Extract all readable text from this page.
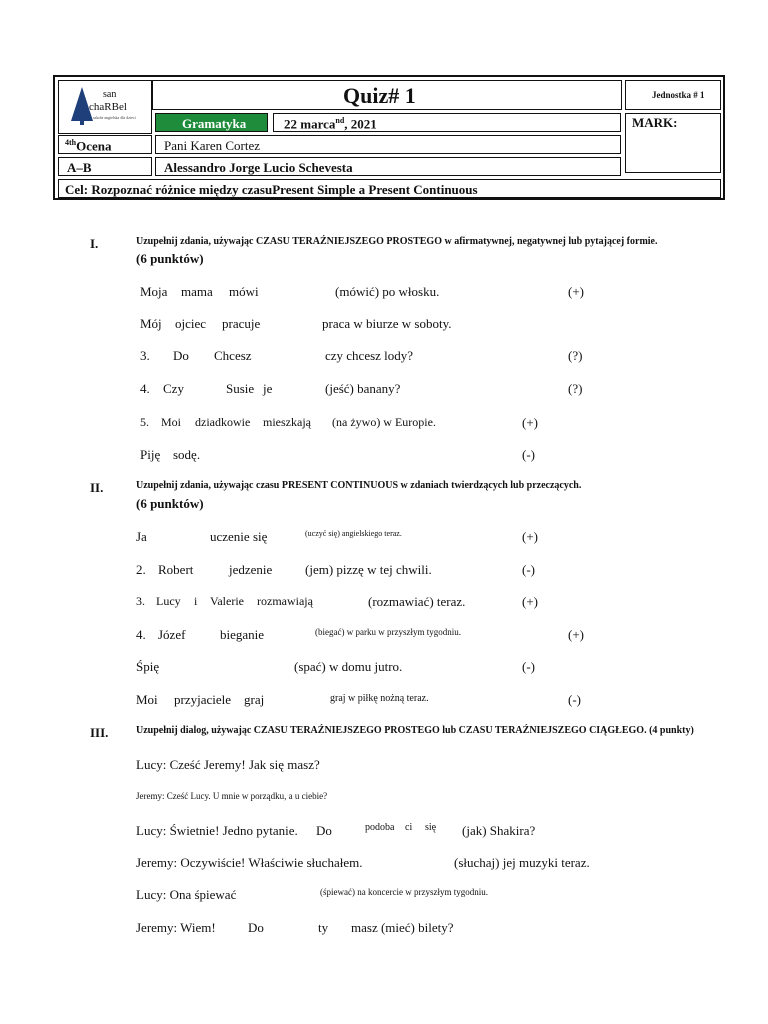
san
chaRBel
szkoła angielska dla dzieci
Quiz# 1	Jednostka # 1
Gramatyka	22 marca$^{nd}$, 2021	MARK:
$^{4th}$Ocena	Pani Karen Cortez
A–B	Alessandro Jorge Lucio Schevesta
Cel: Rozpoznać różnice między czasuPresent Simple a Present Continuous
I.	Uzupełnij zdania, używając CZASU TERAŹNIEJSZEGO PROSTEGO w afirmatywnej, negatywnej lub pytającej formie.
(6 punktów)
Moja mama mówi	(mówić) po włosku.	(+)
Mój ojciec pracuje	praca w biurze w soboty.
3. Do Chcesz	czy chcesz lody?	(?)
4. Czy	Susie je	(jeść) banany?	(?)
5. Moi dziadkowie mieszkają (na żywo) w Europie.	(+)
Piję sodę.	(-)
II.	Uzupełnij zdania, używając czasu PRESENT CONTINUOUS w zdaniach twierdzących lub przeczących.
(6 punktów)
Ja	uczenie się	(uczyć się) angielskiego teraz.	(+)
2. Robert	jedzenie	(jem) pizzę w tej chwili.	(-)
3. Lucy i Valerie rozmawiają	(rozmawiać) teraz.	(+)
4. Józef	bieganie	(biegać) w parku w przyszłym tygodniu.	(+)
Śpię	(spać) w domu jutro.	(-)
Moi przyjaciele graj	graj w piłkę nożną teraz.	(-)
III.	Uzupełnij dialog, używając CZASU TERAŹNIEJSZEGO PROSTEGO lub CZASU TERAŹNIEJSZEGO CIĄGŁEGO. (4 punkty)
Lucy: Cześć Jeremy! Jak się masz?
Jeremy: Cześć Lucy. U mnie w porządku, a u ciebie?
Lucy: Świetnie! Jedno pytanie. Do	podoba ci się (jak) Shakira?
Jeremy: Oczywiście! Właściwie słuchałem.	(słuchaj) jej muzyki teraz.
Lucy: Ona śpiewać	(śpiewać) na koncercie w przyszłym tygodniu.
Jeremy: Wiem! Do	ty masz (mieć) bilety?
